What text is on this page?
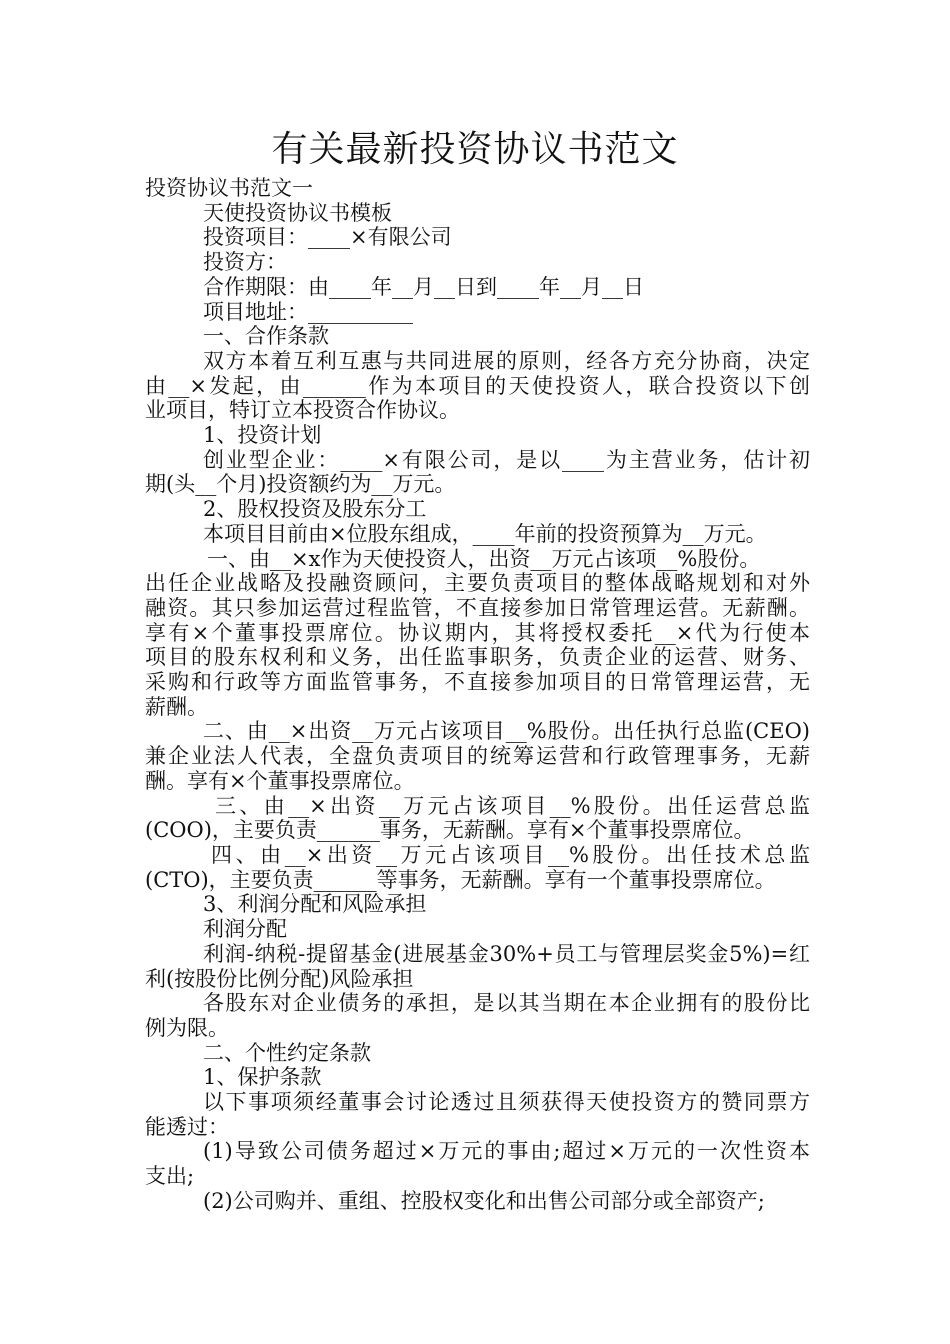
有关最新投资协议书范文

投资协议书范文一

天使投资协议书模板

投资项目：____×有限公司

投资方：

合作期限：由____年__月__日到____年__月__日

项目地址：__________

一、合作条款

双方本着互利互惠与共同进展的原则，经各方充分协商，决定

由__×发起，由______作为本项目的天使投资人，联合投资以下创

业项目，特订立本投资合作协议。

1、投资计划

创业型企业：____×有限公司，是以____为主营业务，估计初

期(头__个月)投资额约为__万元。

2、股权投资及股东分工

本项目目前由×位股东组成，____年前的投资预算为__万元。

一、由__×x作为天使投资人，出资__万元占该项__%股份。

出任企业战略及投融资顾问，主要负责项目的整体战略规划和对外

融资。其只参加运营过程监管，不直接参加日常管理运营。无薪酬。

享有×个董事投票席位。协议期内，其将授权委托__×代为行使本

项目的股东权利和义务，出任监事职务，负责企业的运营、财务、

采购和行政等方面监管事务，不直接参加项目的日常管理运营，无

薪酬。

二、由__×出资__万元占该项目__%股份。出任执行总监(CEO)

兼企业法人代表，全盘负责项目的统筹运营和行政管理事务，无薪

酬。享有×个董事投票席位。

三、由__×出资__万元占该项目__%股份。出任运营总监

(COO)，主要负责______事务，无薪酬。享有×个董事投票席位。

四、由__×出资__万元占该项目__%股份。出任技术总监

(CTO)，主要负责______等事务，无薪酬。享有一个董事投票席位。

3、利润分配和风险承担

利润分配

利润-纳税-提留基金(进展基金30%+员工与管理层奖金5%)=红

利(按股份比例分配)风险承担

各股东对企业债务的承担，是以其当期在本企业拥有的股份比

例为限。

二、个性约定条款

1、保护条款

以下事项须经董事会讨论透过且须获得天使投资方的赞同票方

能透过：

(1)导致公司债务超过×万元的事由;超过×万元的一次性资本

支出;

(2)公司购并、重组、控股权变化和出售公司部分或全部资产;
